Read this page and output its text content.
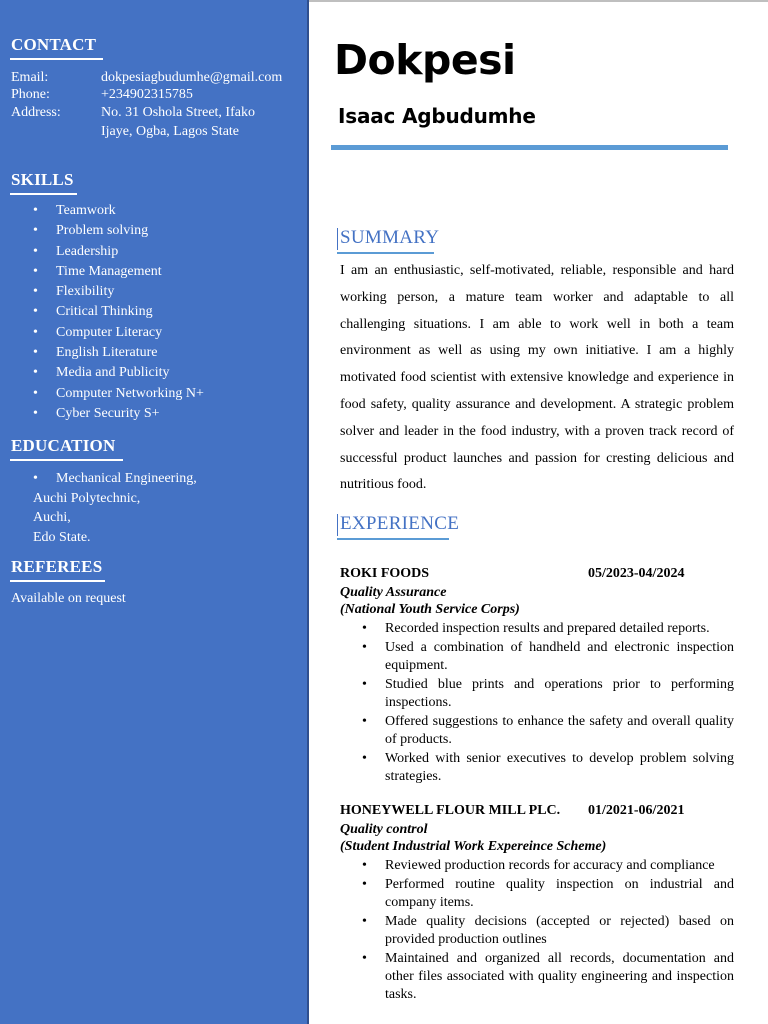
CONTACT
Email:	dokpesiagbudumhe@gmail.com
Phone:	+234902315785
Address:	No. 31 Oshola Street, Ifako
Ijaye, Ogba, Lagos State
SKILLS
• Teamwork
• Problem solving
• Leadership
• Time Management
• Flexibility
• Critical Thinking
• Computer Literacy
• English Literature
• Media and Publicity
• Computer Networking N+
• Cyber Security S+
EDUCATION
• Mechanical Engineering,
Auchi Polytechnic,
Auchi,
Edo State.
REFEREES
Available on request
Dokpesi
Isaac Agbudumhe
SUMMARY
I am an enthusiastic, self-motivated, reliable, responsible and hard working person, a mature team worker and adaptable to all challenging situations. I am able to work well in both a team environment as well as using my own initiative. I am a highly motivated food scientist with extensive knowledge and experience in food safety, quality assurance and development. A strategic problem solver and leader in the food industry, with a proven track record of successful product launches and passion for cresting delicious and nutritious food.
EXPERIENCE
ROKI FOODS	05/2023-04/2024
Quality Assurance
(National Youth Service Corps)
• Recorded inspection results and prepared detailed reports.
• Used a combination of handheld and electronic inspection equipment.
• Studied blue prints and operations prior to performing inspections.
• Offered suggestions to enhance the safety and overall quality of products.
• Worked with senior executives to develop problem solving strategies.
HONEYWELL FLOUR MILL PLC. 01/2021-06/2021
Quality control
(Student Industrial Work Expereince Scheme)
• Reviewed production records for accuracy and compliance
• Performed routine quality inspection on industrial and company items.
• Made quality decisions (accepted or rejected) based on provided production outlines
• Maintained and organized all records, documentation and other files associated with quality engineering and inspection tasks.
